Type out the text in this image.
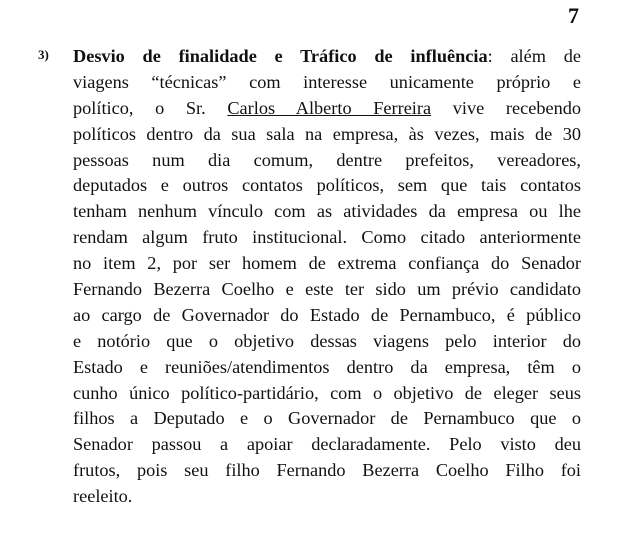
7
3) Desvio de finalidade e Tráfico de influência: além de
viagens “técnicas” com interesse unicamente próprio e
político, o Sr. Carlos Alberto Ferreira vive recebendo
políticos dentro da sua sala na empresa, às vezes, mais de 30
pessoas num dia comum, dentre prefeitos, vereadores,
deputados e outros contatos políticos, sem que tais contatos
tenham nenhum vínculo com as atividades da empresa ou lhe
rendam algum fruto institucional. Como citado anteriormente
no item 2, por ser homem de extrema confiança do Senador
Fernando Bezerra Coelho e este ter sido um prévio candidato
ao cargo de Governador do Estado de Pernambuco, é público
e notório que o objetivo dessas viagens pelo interior do
Estado e reuniões/atendimentos dentro da empresa, têm o
cunho único político-partidário, com o objetivo de eleger seus
filhos a Deputado e o Governador de Pernambuco que o
Senador passou a apoiar declaradamente. Pelo visto deu
frutos, pois seu filho Fernando Bezerra Coelho Filho foi
reeleito.
